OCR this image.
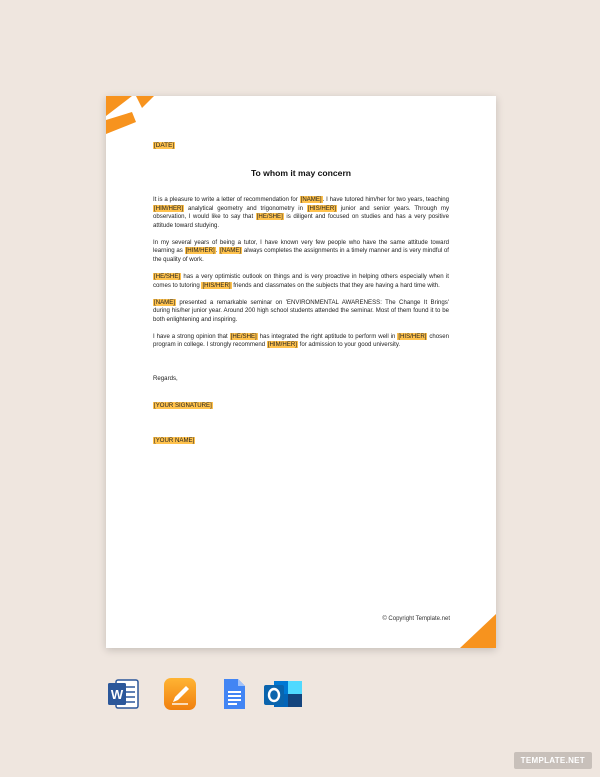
[DATE]
To whom it may concern

It is a pleasure to write a letter of recommendation for [NAME]. I have tutored him/her for two years, teaching [HIM/HER] analytical geometry and trigonometry in [HIS/HER] junior and senior years. Through my observation, I would like to say that [HE/SHE] is diligent and focused on studies and has a very positive attitude toward studying.

In my several years of being a tutor, I have known very few people who have the same attitude toward learning as [HIM/HER]. [NAME] always completes the assignments in a timely manner and is very mindful of the quality of work.

[HE/SHE] has a very optimistic outlook on things and is very proactive in helping others especially when it comes to tutoring [HIS/HER] friends and classmates on the subjects that they are having a hard time with.

[NAME] presented a remarkable seminar on 'ENVIRONMENTAL AWARENESS: The Change It Brings' during his/her junior year. Around 200 high school students attended the seminar. Most of them found it to be both enlightening and inspiring.

I have a strong opinion that [HE/SHE] has integrated the right aptitude to perform well in [HIS/HER] chosen program in college. I strongly recommend [HIM/HER] for admission to your good university.

Regards,
[YOUR SIGNATURE]
[YOUR NAME]
© Copyright Template.net
W
TEMPLATE.NET
